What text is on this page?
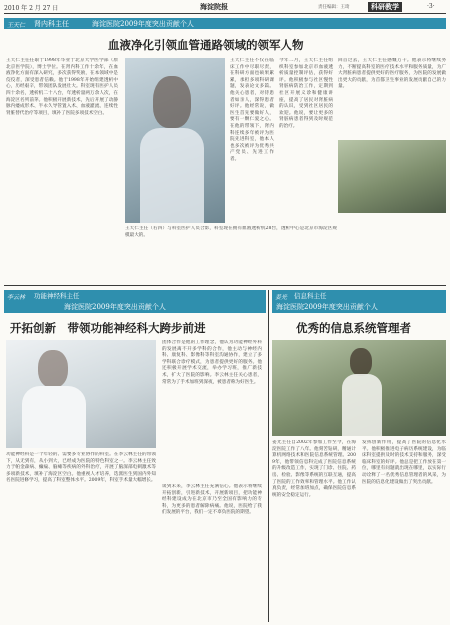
2010 年 2 月 27 日	海淀院报	责任编辑：王琦	科研教学	·3·
王天仁 肾内科主任	海淀医院2009年度突出贡献个人
血液净化引领血管通路领域的领军人物
王天仁主任任职于1998年毕业于北京大学医学部（原北京医学院），博士学位。在肾内科工作十余年，在血液净化方面有深入研究，多次获得奖励，在本领域中是佼佼者，深受患者信赖。他于1998年开始组建透析中心，历经艰辛，带领团队发展壮大。科室现有医护人员四十余名，透析机二十八台，年透析量两万余人次，在海淀区名列前茅。他积极开展新技术，先后开展了动静脉内瘘成形术、半永久导管置入术、血液灌流、连续性肾脏替代治疗等项目，填补了医院多项技术空白。
王天仁主任（右四）与科室医护人员合影，科室现在拥有血液透析机28台，透析中心是北京市海淀区规模最大的。
王天仁主任不仅在临床工作中尽职尽责，在科研方面也硕果累累，承担多项科研课题，发表论文多篇。他关心患者，对待患者如亲人，深得患者好评。他经常说，做医生首先要做好人，要有一颗仁爱之心。在他的带领下，肾内科连续多年被评为医院先进科室，他本人也多次被评为优秀共产党员、先进工作者。
今年二月，王天仁主任组织科室参加北京市血液透析质量控制评估，获得好评。他积极参与社区慢性肾脏病防治工作，定期到社区开展义诊和健康讲座，提高了居民对肾脏病的认识，受到社区居民的欢迎。他说，要让更多的肾脏病患者得到及时规范的治疗。
回首过去，王天仁主任感慨万千。他表示将继续努力，不断提高科室的医疗技术水平和服务质量，为广大肾脏病患者提供更好的医疗服务，为医院的发展做出更大的贡献，为首都卫生事业的发展贡献自己的力量。
李云林 功能神经科主任
海淀医院2009年度突出贡献个人
开拓创新　带领功能神经科大跨步前进
功能神经科是一个年轻的、需要多专业协作的科室。在李云林主任的带领下，从无到有，从小到大，已经成为医院的特色科室之一。李云林主任致力于帕金森病、癫痫、脑瘫等疾病的外科治疗，开展了脑深部电刺激术等多项新技术，填补了海淀区空白。他重视人才培养，选派医生到国内外知名医院进修学习，提高了科室整体水平。2009年，科室手术量大幅增长。
团体合作是他的工作理念，他认为功能神经外科的发展离不开多学科的合作，他主动与神经内科、康复科、影像科等科室沟通协作，建立了多学科联合诊疗模式，为患者提供更好的服务。他还积极开展学术交流，举办学习班，推广新技术，扩大了医院的影响。李云林主任关心患者，常常为了手术加班到深夜，被患者称为好医生。
谈到未来，李云林主任充满信心。他表示将继续开拓创新，引进新技术，开展新项目，把功能神经科建设成为在北京市乃至全国有影响力的专科，为更多的患者解除病痛。他说，医院给了我们发展的平台，我们一定不辜负医院的期望。
姜光 信息科主任
海淀医院2009年度突出贡献个人
优秀的信息系统管理者
姜光主任自2002年参加工作至今，在海淀医院工作了八年。他刻苦钻研，精通计算机网络技术和医院信息系统管理。2009年，他带领信息科完成了医院信息系统的升级改造工作，实现了门诊、住院、药房、检验、影像等系统的互联互通，提高了医院的工作效率和管理水平。他工作认真负责，经常加班加点，确保医院信息系统的安全稳定运行。
发挥创新作用，提高了医院的信息化水平。他积极推进电子病历系统建设，为临床科室提供及时的技术支持和服务，深受临床科室的好评。他总是把工作放在第一位，哪里有问题就出现在哪里，以实际行动诠释了一名优秀信息管理者的风采，为医院的信息化建设做出了突出贡献。
